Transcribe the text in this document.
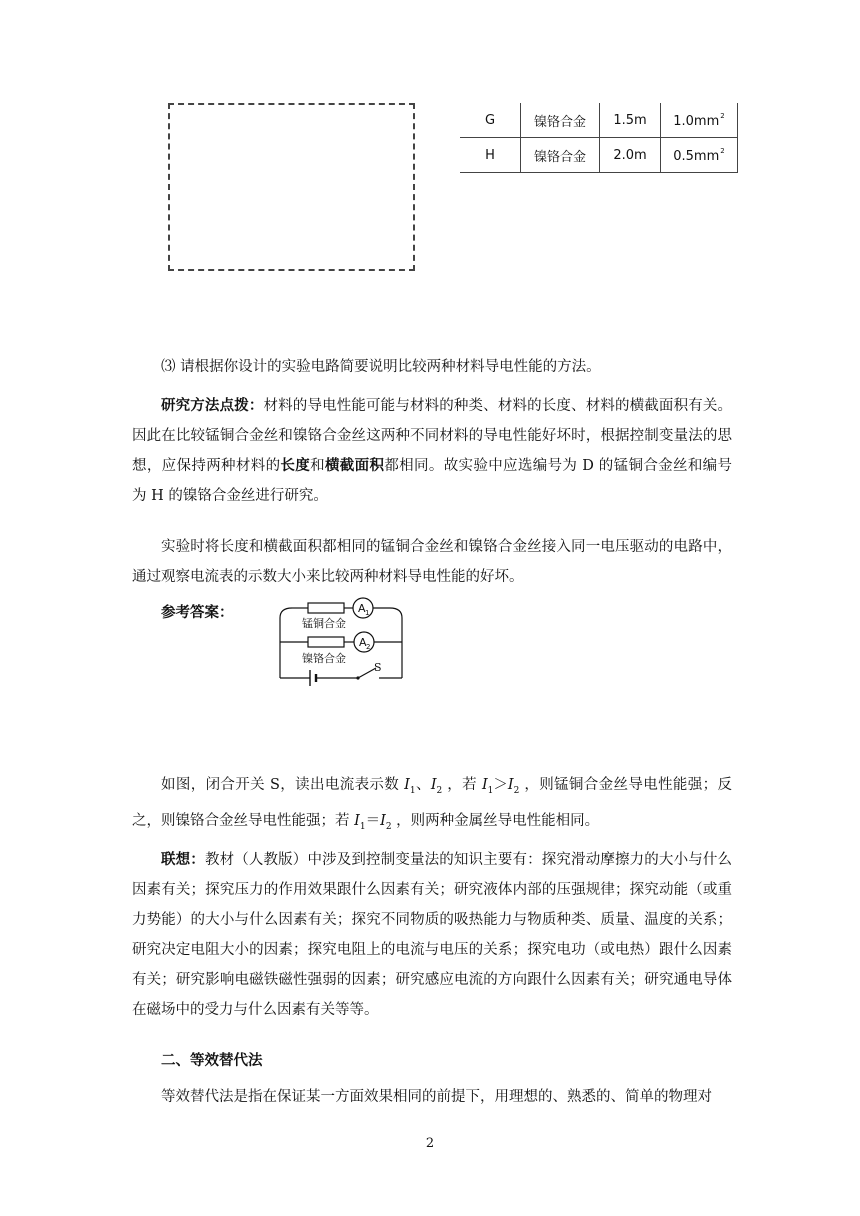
G	镍铬合金	1.5m	$1.0mm^2$
H	镍铬合金	2.0m	$0.5mm^2$
⑶ 请根据你设计的实验电路简要说明比较两种材料导电性能的方法。
研究方法点拨：材料的导电性能可能与材料的种类、材料的长度、材料的横截面积有关。因此在比较锰铜合金丝和镍铬合金丝这两种不同材料的导电性能好坏时，根据控制变量法的思想，应保持两种材料的长度和横截面积都相同。故实验中应选编号为 D 的锰铜合金丝和编号为 H 的镍铬合金丝进行研究。
实验时将长度和横截面积都相同的锰铜合金丝和镍铬合金丝接入同一电压驱动的电路中，通过观察电流表的示数大小来比较两种材料导电性能的好坏。
参考答案：	A 1
A 2
锰铜合金
镍铬合金
S
如图，闭合开关 S，读出电流表示数 $I_1$、$I_2$ ，若 $I_1>I_2$ ，则锰铜合金丝导电性能强；反之，则镍铬合金丝导电性能强；若 $I_1=I_2$ ，则两种金属丝导电性能相同。
联想：教材（人教版）中涉及到控制变量法的知识主要有：探究滑动摩擦力的大小与什么因素有关；探究压力的作用效果跟什么因素有关；研究液体内部的压强规律；探究动能（或重力势能）的大小与什么因素有关；探究不同物质的吸热能力与物质种类、质量、温度的关系；研究决定电阻大小的因素；探究电阻上的电流与电压的关系；探究电功（或电热）跟什么因素有关；研究影响电磁铁磁性强弱的因素；研究感应电流的方向跟什么因素有关；研究通电导体在磁场中的受力与什么因素有关等等。
二、等效替代法
等效替代法是指在保证某一方面效果相同的前提下，用理想的、熟悉的、简单的物理对
2
